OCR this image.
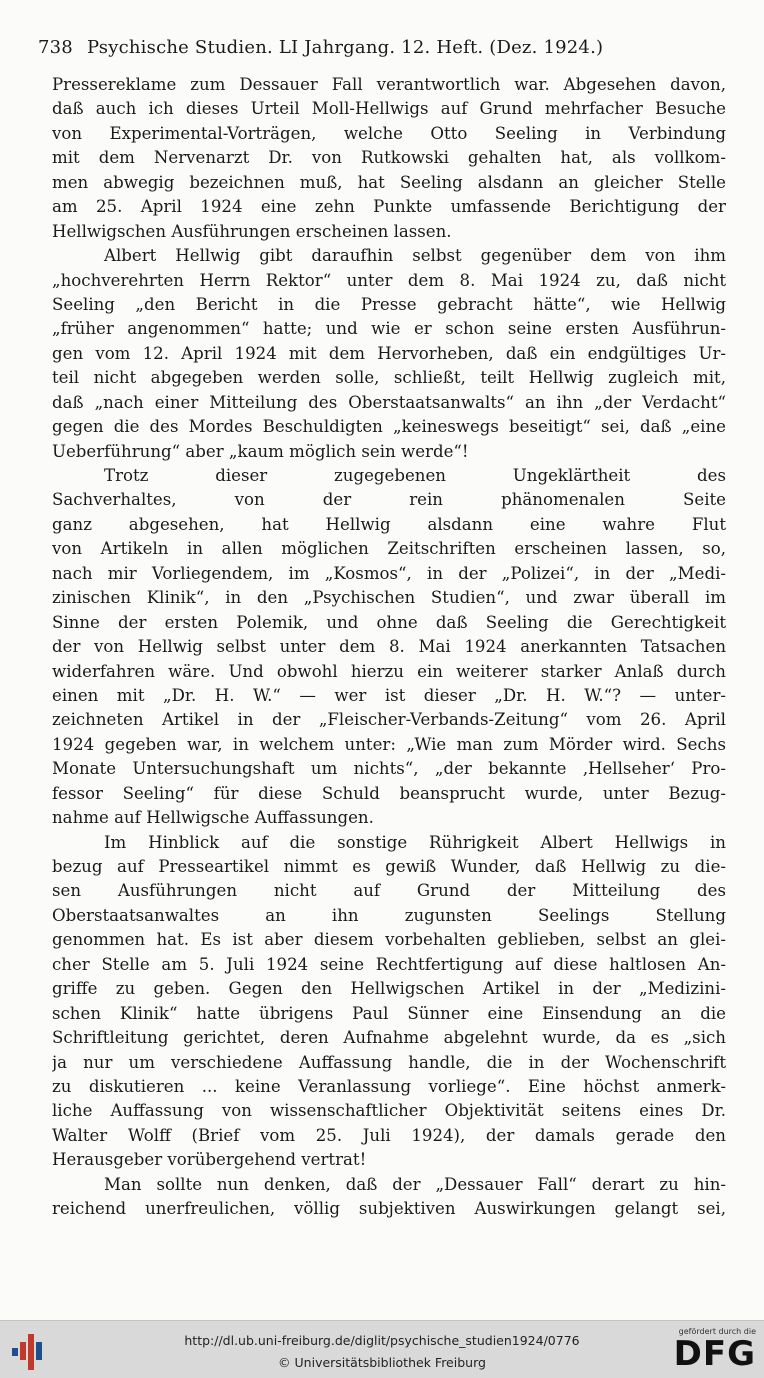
738 Psychische Studien. LI Jahrgang. 12. Heft. (Dez. 1924.)
Pressereklame zum Dessauer Fall verantwortlich war. Abgesehen davon,
daß auch ich dieses Urteil Moll-Hellwigs auf Grund mehrfacher Besuche
von Experimental-Vorträgen, welche Otto Seeling in Verbindung
mit dem Nervenarzt Dr. von Rutkowski gehalten hat, als vollkom-
men abwegig bezeichnen muß, hat Seeling alsdann an gleicher Stelle
am 25. April 1924 eine zehn Punkte umfassende Berichtigung der
Hellwigschen Ausführungen erscheinen lassen.
Albert Hellwig gibt daraufhin selbst gegenüber dem von ihm
„hochverehrten Herrn Rektor“ unter dem 8. Mai 1924 zu, daß nicht
Seeling „den Bericht in die Presse gebracht hätte“, wie Hellwig
„früher angenommen“ hatte; und wie er schon seine ersten Ausführun-
gen vom 12. April 1924 mit dem Hervorheben, daß ein endgültiges Ur-
teil nicht abgegeben werden solle, schließt, teilt Hellwig zugleich mit,
daß „nach einer Mitteilung des Oberstaatsanwalts“ an ihn „der Verdacht“
gegen die des Mordes Beschuldigten „keineswegs beseitigt“ sei, daß „eine
Ueberführung“ aber „kaum möglich sein werde“!
Trotz dieser zugegebenen Ungeklärtheit des
Sachverhaltes, von der rein phänomenalen Seite
ganz abgesehen, hat Hellwig alsdann eine wahre Flut
von Artikeln in allen möglichen Zeitschriften erscheinen lassen, so,
nach mir Vorliegendem, im „Kosmos“, in der „Polizei“, in der „Medi-
zinischen Klinik“, in den „Psychischen Studien“, und zwar überall im
Sinne der ersten Polemik, und ohne daß Seeling die Gerechtigkeit
der von Hellwig selbst unter dem 8. Mai 1924 anerkannten Tatsachen
widerfahren wäre. Und obwohl hierzu ein weiterer starker Anlaß durch
einen mit „Dr. H. W.“ — wer ist dieser „Dr. H. W.“? — unter-
zeichneten Artikel in der „Fleischer-Verbands-Zeitung“ vom 26. April
1924 gegeben war, in welchem unter: „Wie man zum Mörder wird. Sechs
Monate Untersuchungshaft um nichts“, „der bekannte ‚Hellseher‘ Pro-
fessor Seeling“ für diese Schuld beansprucht wurde, unter Bezug-
nahme auf Hellwigsche Auffassungen.
Im Hinblick auf die sonstige Rührigkeit Albert Hellwigs in
bezug auf Presseartikel nimmt es gewiß Wunder, daß Hellwig zu die-
sen Ausführungen nicht auf Grund der Mitteilung des
Oberstaatsanwaltes an ihn zugunsten Seelings Stellung
genommen hat. Es ist aber diesem vorbehalten geblieben, selbst an glei-
cher Stelle am 5. Juli 1924 seine Rechtfertigung auf diese haltlosen An-
griffe zu geben. Gegen den Hellwigschen Artikel in der „Medizini-
schen Klinik“ hatte übrigens Paul Sünner eine Einsendung an die
Schriftleitung gerichtet, deren Aufnahme abgelehnt wurde, da es „sich
ja nur um verschiedene Auffassung handle, die in der Wochenschrift
zu diskutieren ... keine Veranlassung vorliege“. Eine höchst anmerk-
liche Auffassung von wissenschaftlicher Objektivität seitens eines Dr.
Walter Wolff (Brief vom 25. Juli 1924), der damals gerade den
Herausgeber vorübergehend vertrat!
Man sollte nun denken, daß der „Dessauer Fall“ derart zu hin-
reichend unerfreulichen, völlig subjektiven Auswirkungen gelangt sei,
http://dl.ub.uni-freiburg.de/diglit/psychische_studien1924/0776
© Universitätsbibliothek Freiburg
gefördert durch die
DFG
